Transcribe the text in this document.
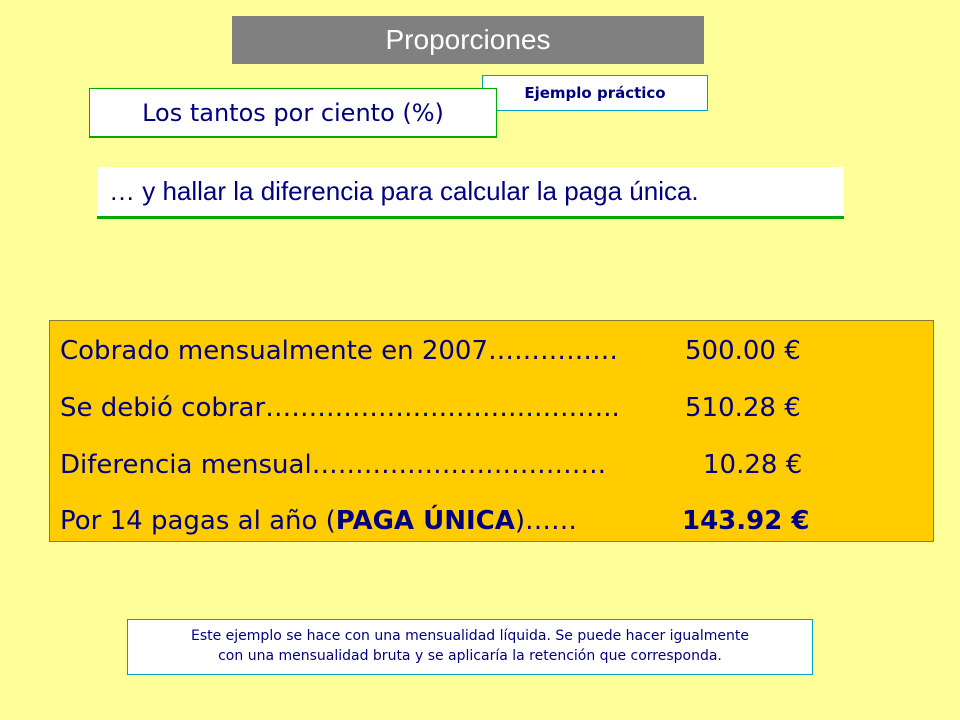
Proporciones
Ejemplo práctico
Los tantos por ciento (%)
… y hallar la diferencia para calcular la paga única.
Cobrado mensualmente en 2007……………	500.00 €
Se debió cobrar…………………………………..	510.28 €
Diferencia mensual…………………………….	10.28 €
Por 14 pagas al año (PAGA ÚNICA)……	143.92 €
Este ejemplo se hace con una mensualidad líquida. Se puede hacer igualmente
con una mensualidad bruta y se aplicaría la retención que corresponda.
